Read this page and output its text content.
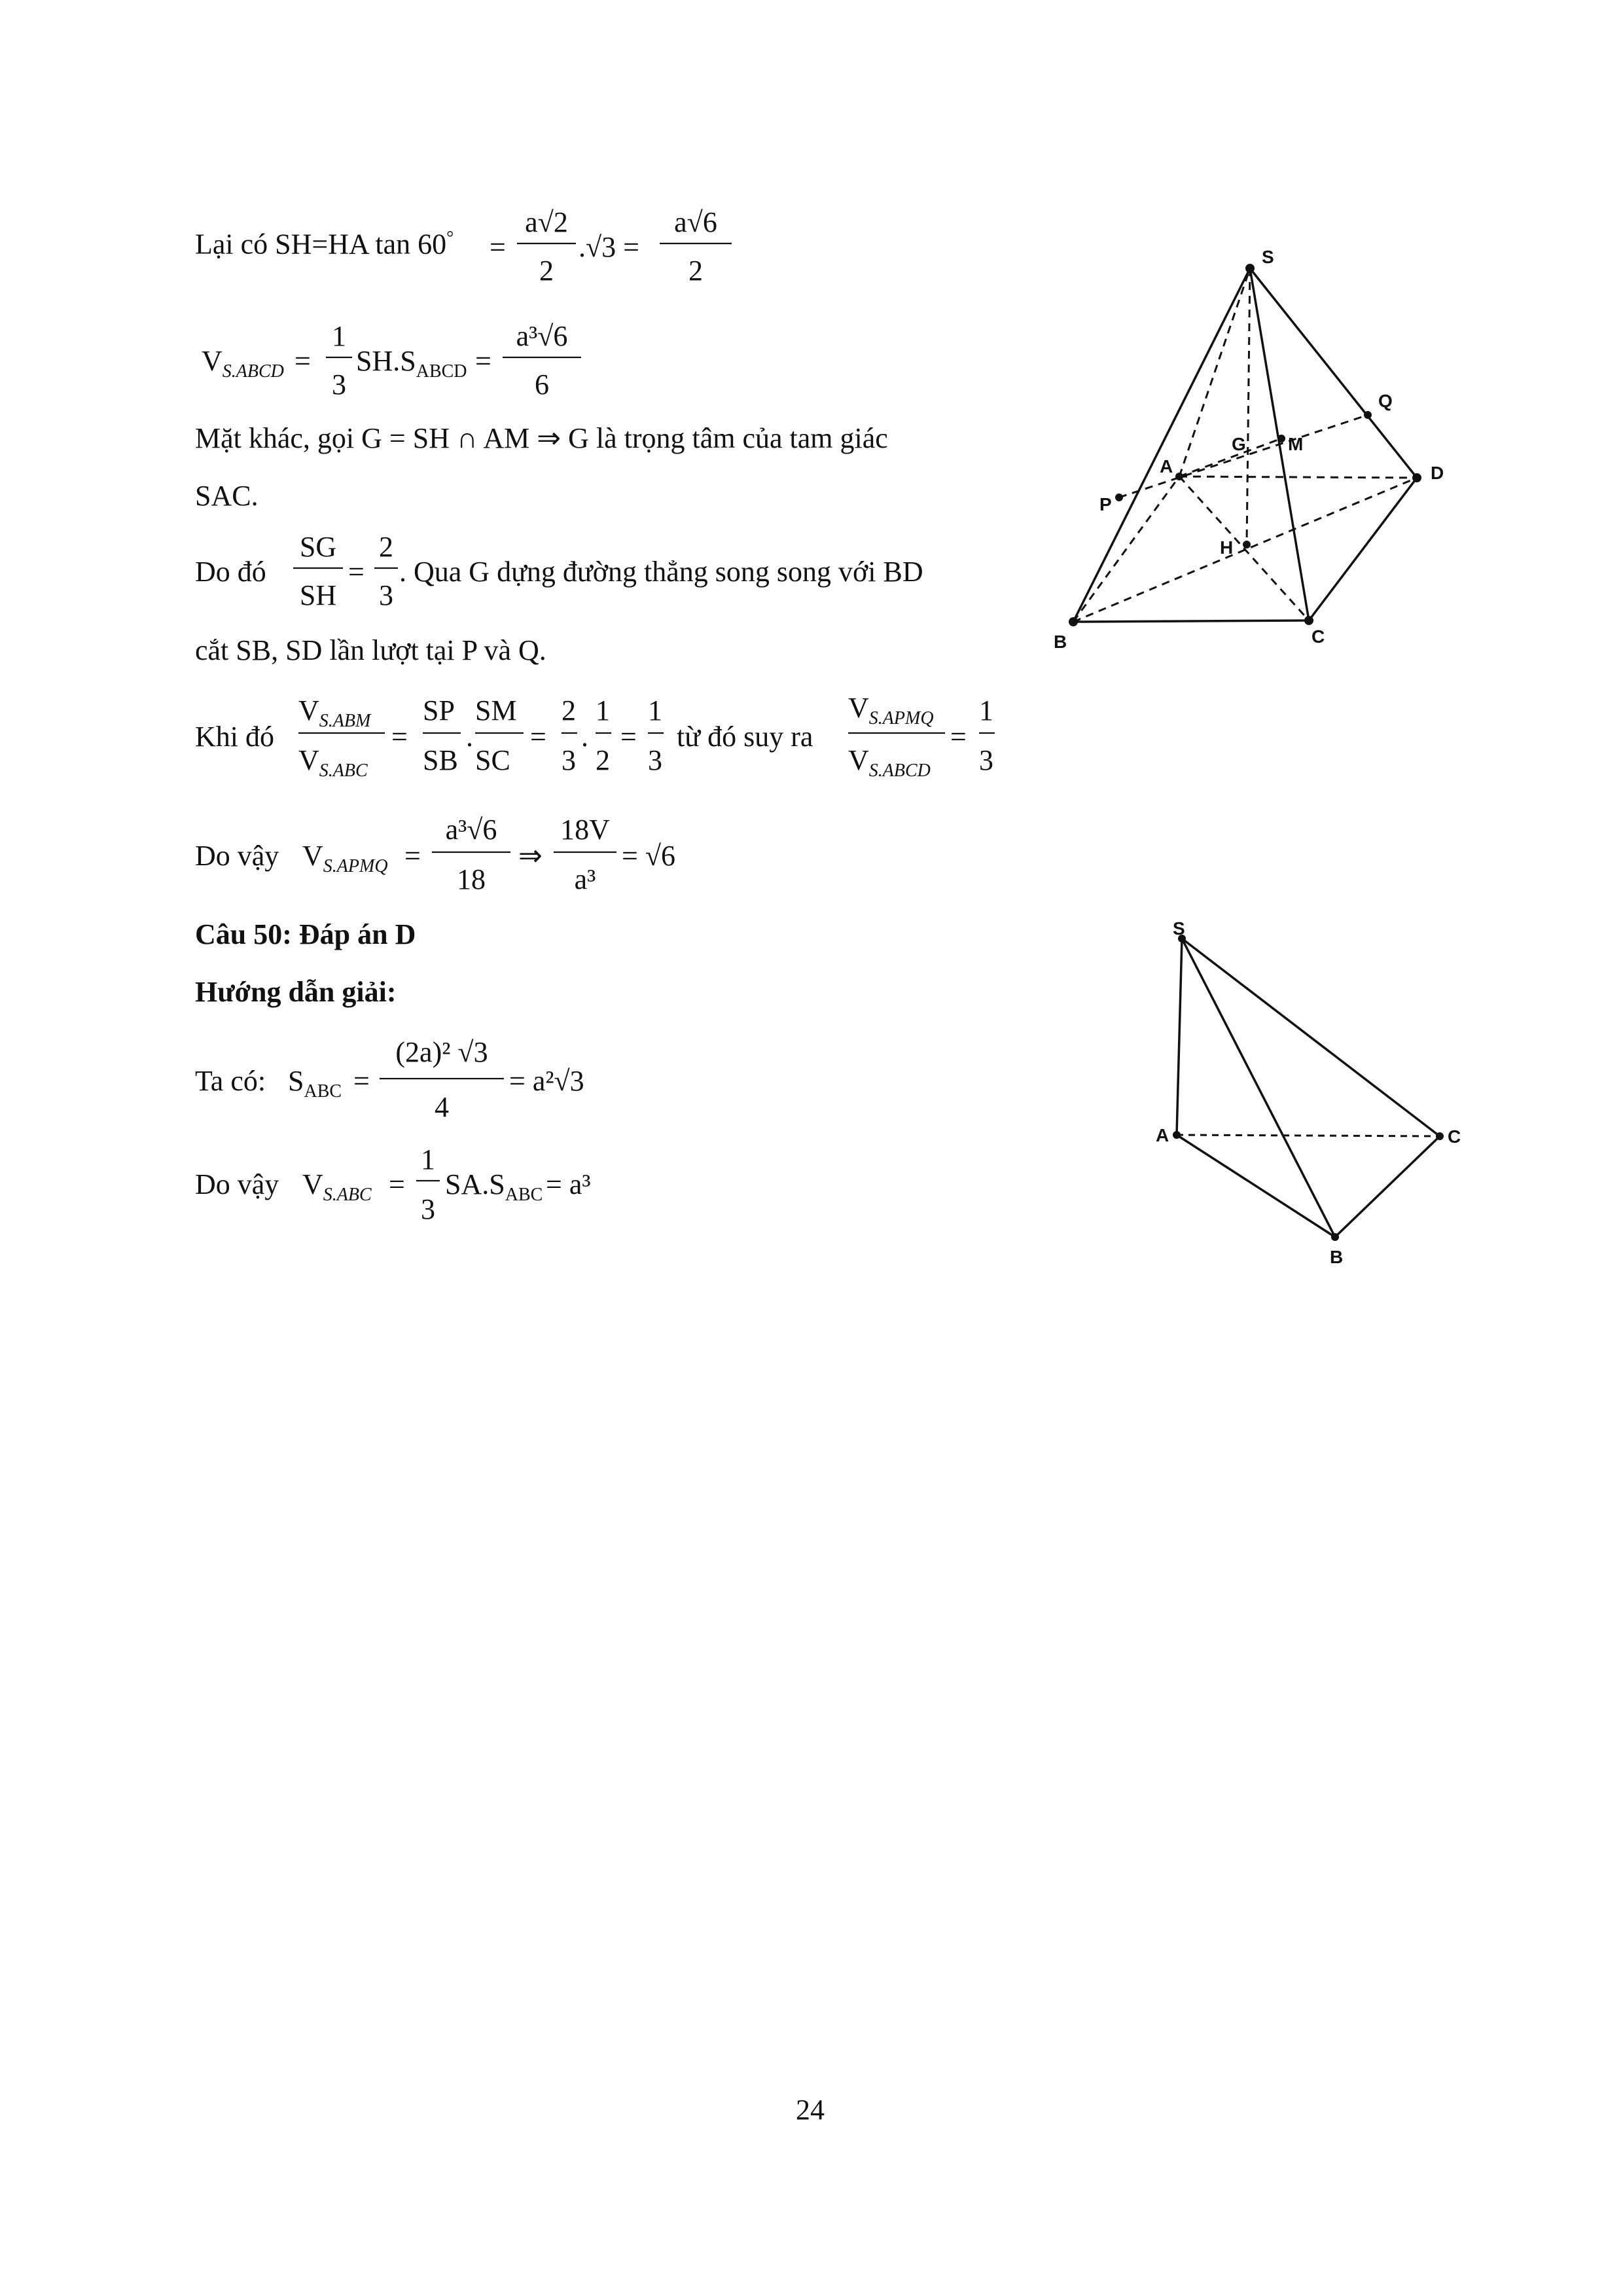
Lại có SH=HA tan 60° a√2
2
=	.√3 =
a√6
2
$V_{S.ABCD}$ =
1
3
$SH.S_{ABCD}$ =
a³√6
6
Mặt khác, gọi G = SH ∩ AM ⇒ G là trọng tâm của tam giác
SAC.
Do đó
SG
SH
=
2
3
. Qua G dựng đường thẳng song song với BD
cắt SB, SD lần lượt tại P và Q.
Khi đó
$V_{S.ABM}$
$V_{S.ABC}$
=
SP
SB
.
SM
SC
=
2
3
.
1
2
=
1
3
từ đó suy ra
$V_{S.APMQ}$
$V_{S.ABCD}$
=
1
3
Do vậy $V_{S.APMQ}$ =
a³√6
18
⇒
18V
a³
= √6
Câu 50: Đáp án D
Hướng dẫn giải:
Ta có: $S_{ABC}$ =
(2a)² √3
4
= a²√3
Do vậy $V_{S.ABC}$ =
1
3
$SA.S_{ABC} = a^3$
S
Q
G M
A	D
P
H
B	C
S
A	C
B
24
